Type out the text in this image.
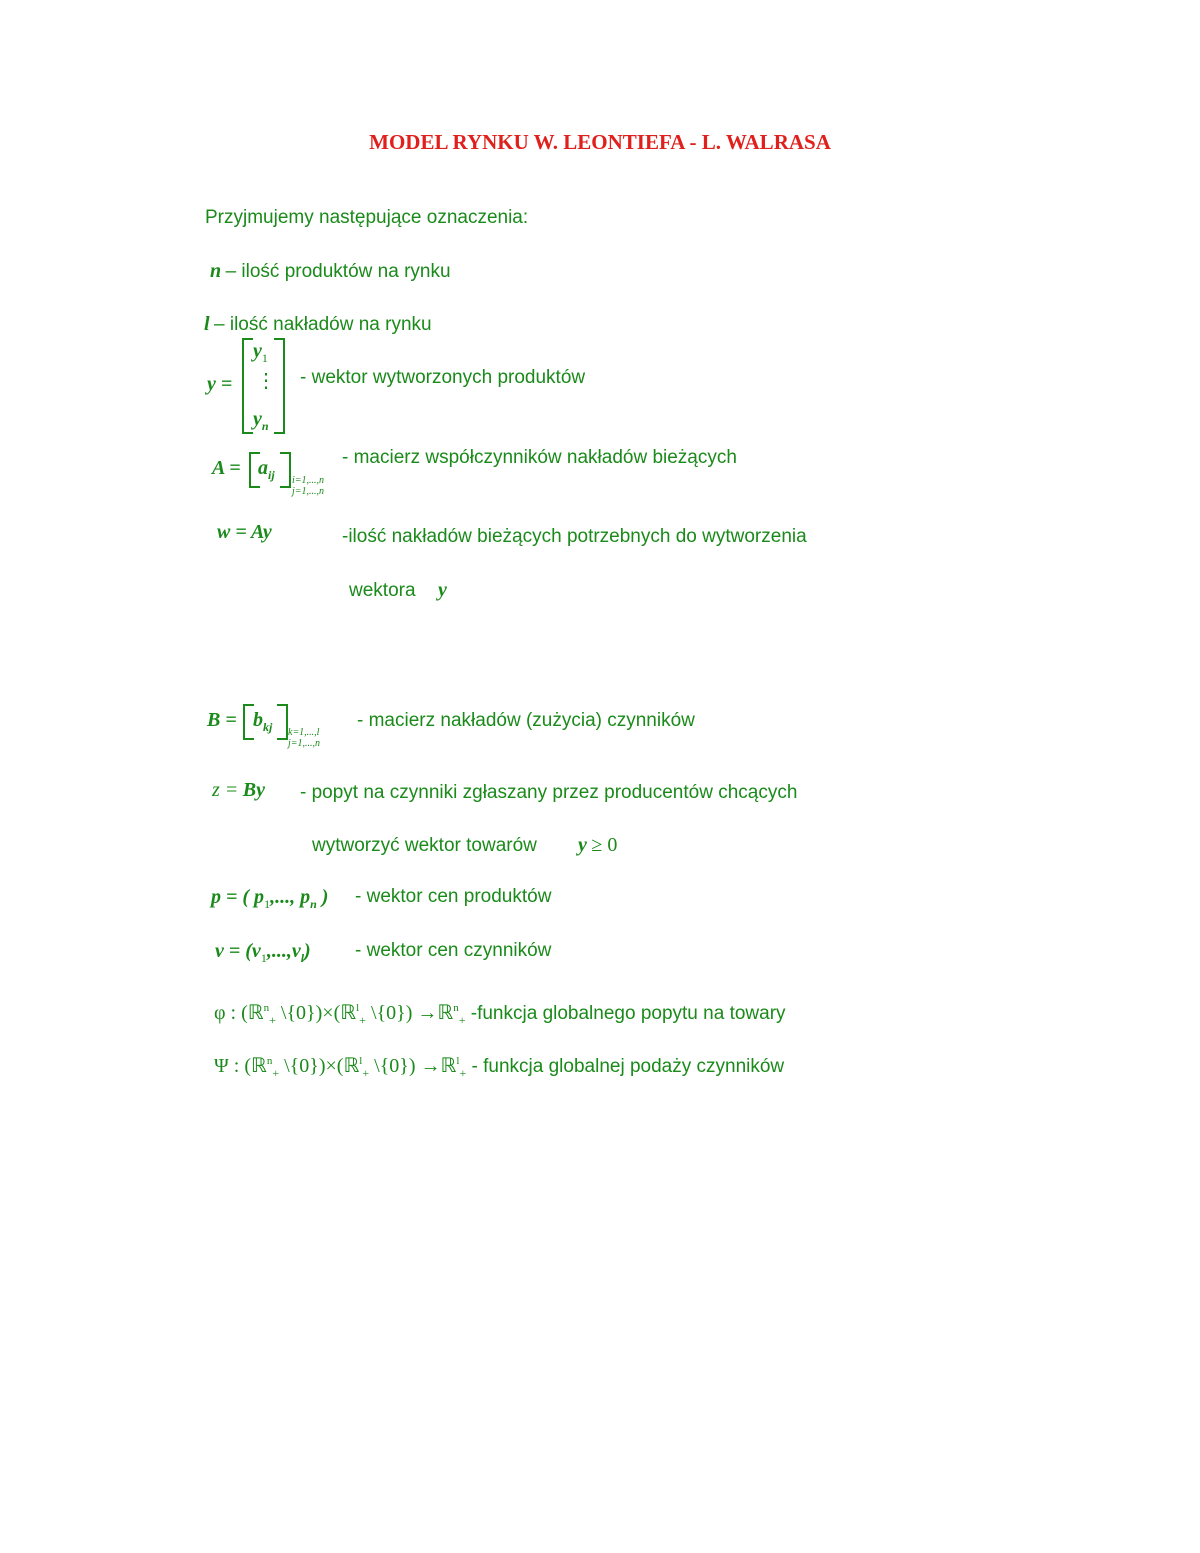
MODEL RYNKU W. LEONTIEFA - L. WALRASA
Przyjmujemy następujące oznaczenia:
n – ilość produktów na rynku
l – ilość nakładów na rynku
y =
$y_1$
⋮
$y_n$
- wektor wytworzonych produktów
$A = a_{ij}$ i=1,...,n
j=1,...,n
- macierz współczynników nakładów bieżących
w = Ay	-ilość nakładów bieżących potrzebnych do wytworzenia
wektora y
$B = b_{kj}$ k=1,...,l
j=1,...,n
- macierz nakładów (zużycia) czynników
z = By - popyt na czynniki zgłaszany przez producentów chcących
wytworzyć wektor towarów y ≥ 0
p = ( $p_1$,..., $p_n$ ) - wektor cen produktów
$v = (v_1,...,v_l)$ - wektor cen czynników
φ : (ℝ$^n_+$ \{0})×(ℝ$^l_+$ \{0}) →ℝ$^n_+$ -funkcja globalnego popytu na towary
Ψ : (ℝ$^n_+$ \{0})×(ℝ$^l_+$ \{0}) →ℝ$^l_+$ - funkcja globalnej podaży czynników
